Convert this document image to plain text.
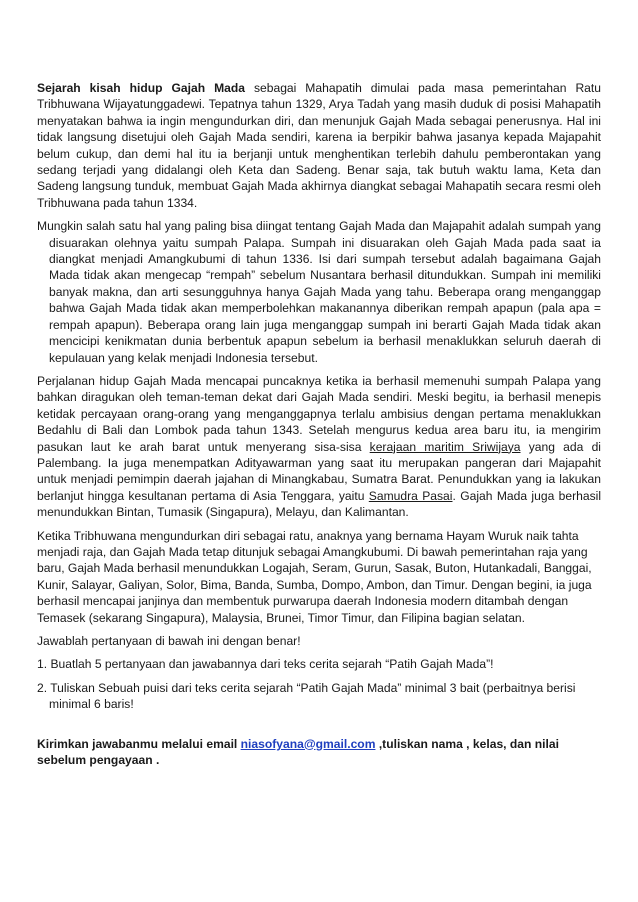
Sejarah kisah hidup Gajah Mada sebagai Mahapatih dimulai pada masa pemerintahan Ratu Tribhuwana Wijayatunggadewi. Tepatnya tahun 1329, Arya Tadah yang masih duduk di posisi Mahapatih menyatakan bahwa ia ingin mengundurkan diri, dan menunjuk Gajah Mada sebagai penerusnya. Hal ini tidak langsung disetujui oleh Gajah Mada sendiri, karena ia berpikir bahwa jasanya kepada Majapahit belum cukup, dan demi hal itu ia berjanji untuk menghentikan terlebih dahulu pemberontakan yang sedang terjadi yang didalangi oleh Keta dan Sadeng. Benar saja, tak butuh waktu lama, Keta dan Sadeng langsung tunduk, membuat Gajah Mada akhirnya diangkat sebagai Mahapatih secara resmi oleh Tribhuwana pada tahun 1334.

Mungkin salah satu hal yang paling bisa diingat tentang Gajah Mada dan Majapahit adalah sumpah yang disuarakan olehnya yaitu sumpah Palapa. Sumpah ini disuarakan oleh Gajah Mada pada saat ia diangkat menjadi Amangkubumi di tahun 1336. Isi dari sumpah tersebut adalah bagaimana Gajah Mada tidak akan mengecap “rempah” sebelum Nusantara berhasil ditundukkan. Sumpah ini memiliki banyak makna, dan arti sesungguhnya hanya Gajah Mada yang tahu. Beberapa orang menganggap bahwa Gajah Mada tidak akan memperbolehkan makanannya diberikan rempah apapun (pala apa = rempah apapun). Beberapa orang lain juga menganggap sumpah ini berarti Gajah Mada tidak akan mencicipi kenikmatan dunia berbentuk apapun sebelum ia berhasil menaklukkan seluruh daerah di kepulauan yang kelak menjadi Indonesia tersebut.

Perjalanan hidup Gajah Mada mencapai puncaknya ketika ia berhasil memenuhi sumpah Palapa yang bahkan diragukan oleh teman-teman dekat dari Gajah Mada sendiri. Meski begitu, ia berhasil menepis ketidak percayaan orang-orang yang menganggapnya terlalu ambisius dengan pertama menaklukkan Bedahlu di Bali dan Lombok pada tahun 1343. Setelah mengurus kedua area baru itu, ia mengirim pasukan laut ke arah barat untuk menyerang sisa-sisa kerajaan maritim Sriwijaya yang ada di Palembang. Ia juga menempatkan Adityawarman yang saat itu merupakan pangeran dari Majapahit untuk menjadi pemimpin daerah jajahan di Minangkabau, Sumatra Barat. Penundukkan yang ia lakukan berlanjut hingga kesultanan pertama di Asia Tenggara, yaitu Samudra Pasai. Gajah Mada juga berhasil menundukkan Bintan, Tumasik (Singapura), Melayu, dan Kalimantan.

Ketika Tribhuwana mengundurkan diri sebagai ratu, anaknya yang bernama Hayam Wuruk naik tahta menjadi raja, dan Gajah Mada tetap ditunjuk sebagai Amangkubumi. Di bawah pemerintahan raja yang baru, Gajah Mada berhasil menundukkan Logajah, Seram, Gurun, Sasak, Buton, Hutankadali, Banggai, Kunir, Salayar, Galiyan, Solor, Bima, Banda, Sumba, Dompo, Ambon, dan Timur. Dengan begini, ia juga berhasil mencapai janjinya dan membentuk purwarupa daerah Indonesia modern ditambah dengan Temasek (sekarang Singapura), Malaysia, Brunei, Timor Timur, dan Filipina bagian selatan.

Jawablah pertanyaan di bawah ini dengan benar!

1. Buatlah 5 pertanyaan dan jawabannya dari teks cerita sejarah “Patih Gajah Mada”!

2. Tuliskan Sebuah puisi dari teks cerita sejarah “Patih Gajah Mada” minimal 3 bait (perbaitnya berisi minimal 6 baris!

Kirimkan jawabanmu melalui email niasofyana@gmail.com ,tuliskan nama , kelas, dan nilai sebelum pengayaan .
